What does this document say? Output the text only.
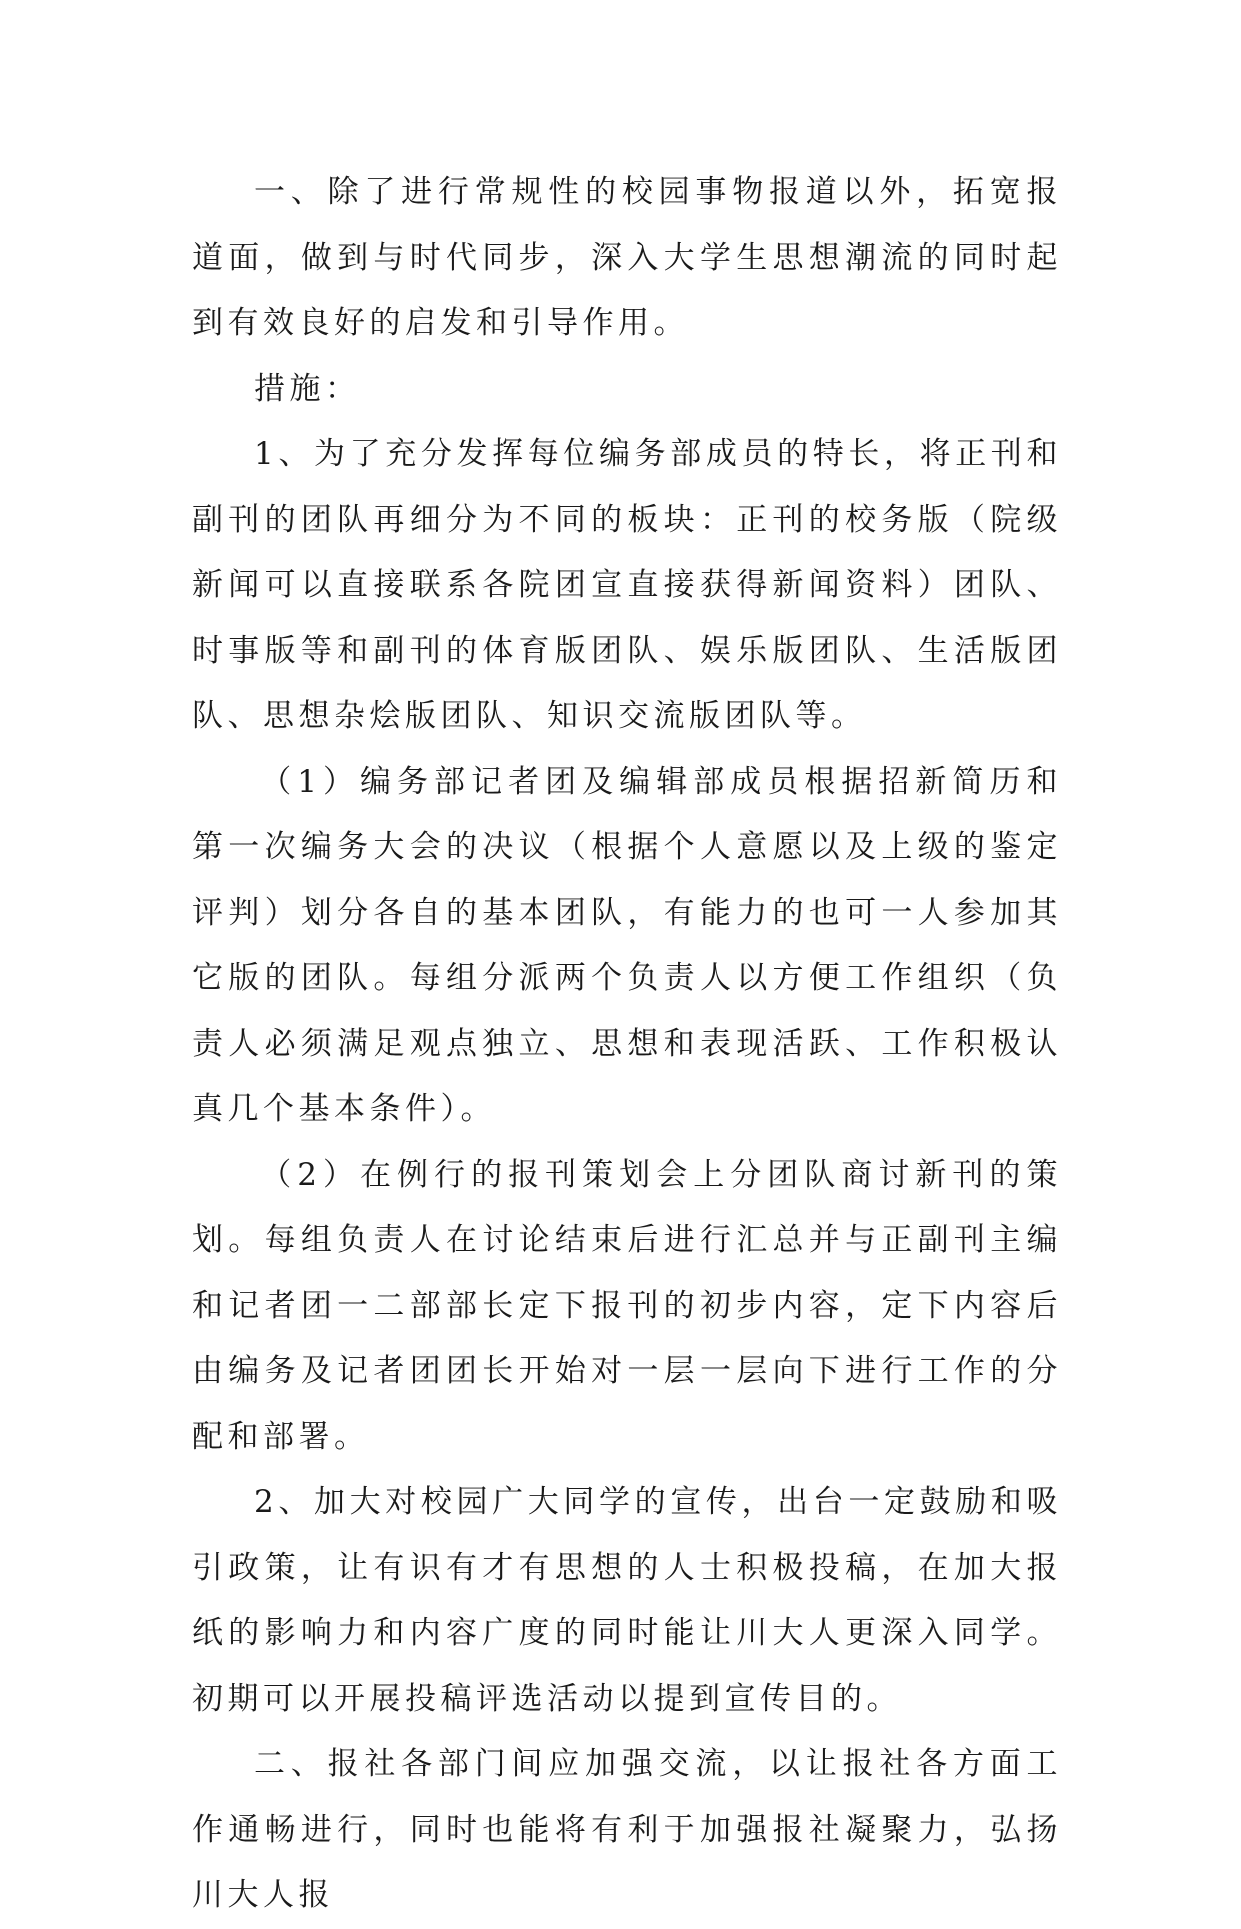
一、除了进行常规性的校园事物报道以外，拓宽报道面，做到与时代同步，深入大学生思想潮流的同时起到有效良好的启发和引导作用。

措施：

1、为了充分发挥每位编务部成员的特长，将正刊和副刊的团队再细分为不同的板块：正刊的校务版（院级新闻可以直接联系各院团宣直接获得新闻资料）团队、时事版等和副刊的体育版团队、娱乐版团队、生活版团队、思想杂烩版团队、知识交流版团队等。

（1）编务部记者团及编辑部成员根据招新简历和第一次编务大会的决议（根据个人意愿以及上级的鉴定评判）划分各自的基本团队，有能力的也可一人参加其它版的团队。每组分派两个负责人以方便工作组织（负责人必须满足观点独立、思想和表现活跃、工作积极认真几个基本条件）。

（2）在例行的报刊策划会上分团队商讨新刊的策划。每组负责人在讨论结束后进行汇总并与正副刊主编和记者团一二部部长定下报刊的初步内容，定下内容后由编务及记者团团长开始对一层一层向下进行工作的分配和部署。

2、加大对校园广大同学的宣传，出台一定鼓励和吸引政策，让有识有才有思想的人士积极投稿，在加大报纸的影响力和内容广度的同时能让川大人更深入同学。初期可以开展投稿评选活动以提到宣传目的。

二、报社各部门间应加强交流，以让报社各方面工作通畅进行，同时也能将有利于加强报社凝聚力，弘扬川大人报
